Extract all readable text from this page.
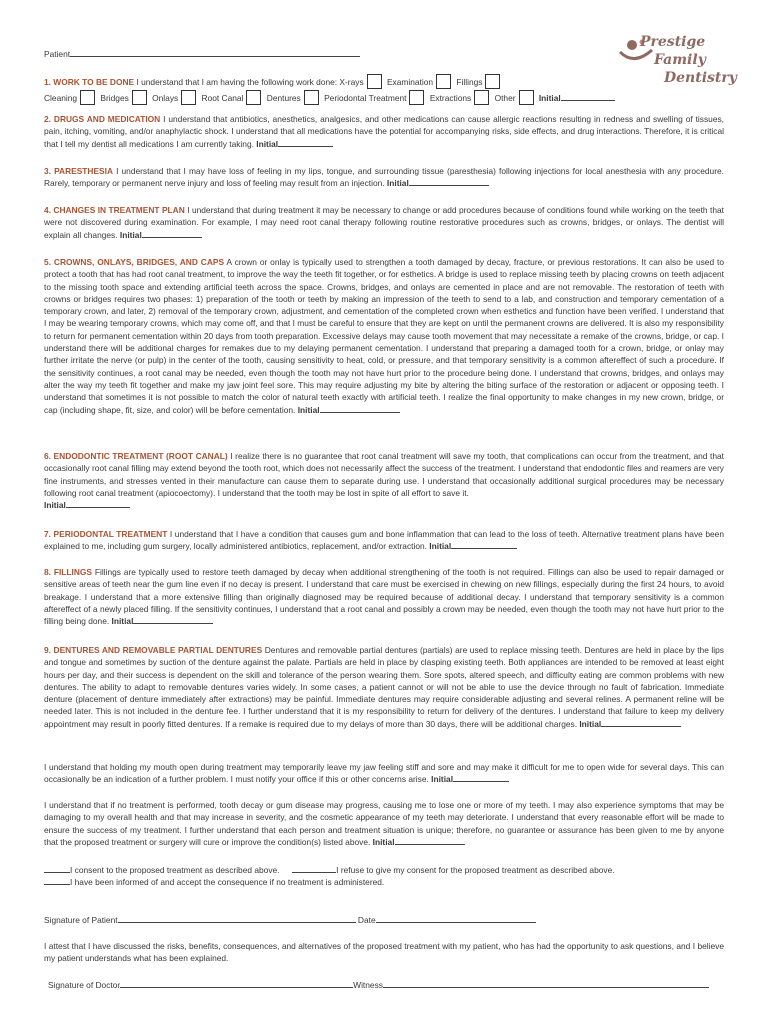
Prestige
Family
Dentistry

Patient

1. WORK TO BE DONE I understand that I am having the following work done: X-rays	Examination	Fillings
Cleaning	Bridges	Onlays	Root Canal	Dentures	Periodontal Treatment	Extractions	Other	Initial

2. DRUGS AND MEDICATION I understand that antibiotics, anesthetics, analgesics, and other medications can cause allergic reactions resulting in redness and swelling of tissues, pain, itching, vomiting, and/or anaphylactic shock. I understand that all medications have the potential for accompanying risks, side effects, and drug interactions. Therefore, it is critical that I tell my dentist all medications I am currently taking. Initial

3. PARESTHESIA I understand that I may have loss of feeling in my lips, tongue, and surrounding tissue (paresthesia) following injections for local anesthesia with any procedure. Rarely, temporary or permanent nerve injury and loss of feeling may result from an injection. Initial

4. CHANGES IN TREATMENT PLAN I understand that during treatment it may be necessary to change or add procedures because of conditions found while working on the teeth that were not discovered during examination. For example, I may need root canal therapy following routine restorative procedures such as crowns, bridges, or onlays. The dentist will explain all changes. Initial

5. CROWNS, ONLAYS, BRIDGES, AND CAPS A crown or onlay is typically used to strengthen a tooth damaged by decay, fracture, or previous restorations. It can also be used to protect a tooth that has had root canal treatment, to improve the way the teeth fit together, or for esthetics. A bridge is used to replace missing teeth by placing crowns on teeth adjacent to the missing tooth space and extending artificial teeth across the space. Crowns, bridges, and onlays are cemented in place and are not removable. The restoration of teeth with crowns or bridges requires two phases: 1) preparation of the tooth or teeth by making an impression of the teeth to send to a lab, and construction and temporary cementation of a temporary crown, and later, 2) removal of the temporary crown, adjustment, and cementation of the completed crown when esthetics and function have been verified. I understand that I may be wearing temporary crowns, which may come off, and that I must be careful to ensure that they are kept on until the permanent crowns are delivered. It is also my responsibility to return for permanent cementation within 20 days from tooth preparation. Excessive delays may cause tooth movement that may necessitate a remake of the crowns, bridge, or cap. I understand there will be additional charges for remakes due to my delaying permanent cementation. I understand that preparing a damaged tooth for a crown, bridge, or onlay may further irritate the nerve (or pulp) in the center of the tooth, causing sensitivity to heat, cold, or pressure, and that temporary sensitivity is a common aftereffect of such a procedure. If the sensitivity continues, a root canal may be needed, even though the tooth may not have hurt prior to the procedure being done. I understand that crowns, bridges, and onlays may alter the way my teeth fit together and make my jaw joint feel sore. This may require adjusting my bite by altering the biting surface of the restoration or adjacent or opposing teeth. I understand that sometimes it is not possible to match the color of natural teeth exactly with artificial teeth. I realize the final opportunity to make changes in my new crown, bridge, or cap (including shape, fit, size, and color) will be before cementation. Initial

6. ENDODONTIC TREATMENT (ROOT CANAL) I realize there is no guarantee that root canal treatment will save my tooth, that complications can occur from the treatment, and that occasionally root canal filling may extend beyond the tooth root, which does not necessarily affect the success of the treatment. I understand that endodontic files and reamers are very fine instruments, and stresses vented in their manufacture can cause them to separate during use. I understand that occasionally additional surgical procedures may be necessary following root canal treatment (apiocoectomy). I understand that the tooth may be lost in spite of all effort to save it.
Initial

7. PERIODONTAL TREATMENT I understand that I have a condition that causes gum and bone inflammation that can lead to the loss of teeth. Alternative treatment plans have been explained to me, including gum surgery, locally administered antibiotics, replacement, and/or extraction. Initial

8. FILLINGS Fillings are typically used to restore teeth damaged by decay when additional strengthening of the tooth is not required. Fillings can also be used to repair damaged or sensitive areas of teeth near the gum line even if no decay is present. I understand that care must be exercised in chewing on new fillings, especially during the first 24 hours, to avoid breakage. I understand that a more extensive filling than originally diagnosed may be required because of additional decay. I understand that temporary sensitivity is a common aftereffect of a newly placed filling. If the sensitivity continues, I understand that a root canal and possibly a crown may be needed, even though the tooth may not have hurt prior to the filling being done. Initial

9. DENTURES AND REMOVABLE PARTIAL DENTURES Dentures and removable partial dentures (partials) are used to replace missing teeth. Dentures are held in place by the lips and tongue and sometimes by suction of the denture against the palate. Partials are held in place by clasping existing teeth. Both appliances are intended to be removed at least eight hours per day, and their success is dependent on the skill and tolerance of the person wearing them. Sore spots, altered speech, and difficulty eating are common problems with new dentures. The ability to adapt to removable dentures varies widely. In some cases, a patient cannot or will not be able to use the device through no fault of fabrication. Immediate denture (placement of denture immediately after extractions) may be painful. Immediate dentures may require considerable adjusting and several relines. A permanent reline will be needed later. This is not included in the denture fee. I further understand that it is my responsibility to return for delivery of the dentures. I understand that failure to keep my delivery appointment may result in poorly fitted dentures. If a remake is required due to my delays of more than 30 days, there will be additional charges. Initial

I understand that holding my mouth open during treatment may temporarily leave my jaw feeling stiff and sore and may make it difficult for me to open wide for several days. This can occasionally be an indication of a further problem. I must notify your office if this or other concerns arise. Initial

I understand that if no treatment is performed, tooth decay or gum disease may progress, causing me to lose one or more of my teeth. I may also experience symptoms that may be damaging to my overall health and that may increase in severity, and the cosmetic appearance of my teeth may deteriorate. I understand that every reasonable effort will be made to ensure the success of my treatment. I further understand that each person and treatment situation is unique; therefore, no guarantee or assurance has been given to me by anyone that the proposed treatment or surgery will cure or improve the condition(s) listed above. Initial

I consent to the proposed treatment as described above.	I refuse to give my consent for the proposed treatment as described above.
I have been informed of and accept the consequence if no treatment is administered.

Signature of Patient	Date

I attest that I have discussed the risks, benefits, consequences, and alternatives of the proposed treatment with my patient, who has had the opportunity to ask questions, and I believe my patient understands what has been explained.

Signature of Doctor	Witness
